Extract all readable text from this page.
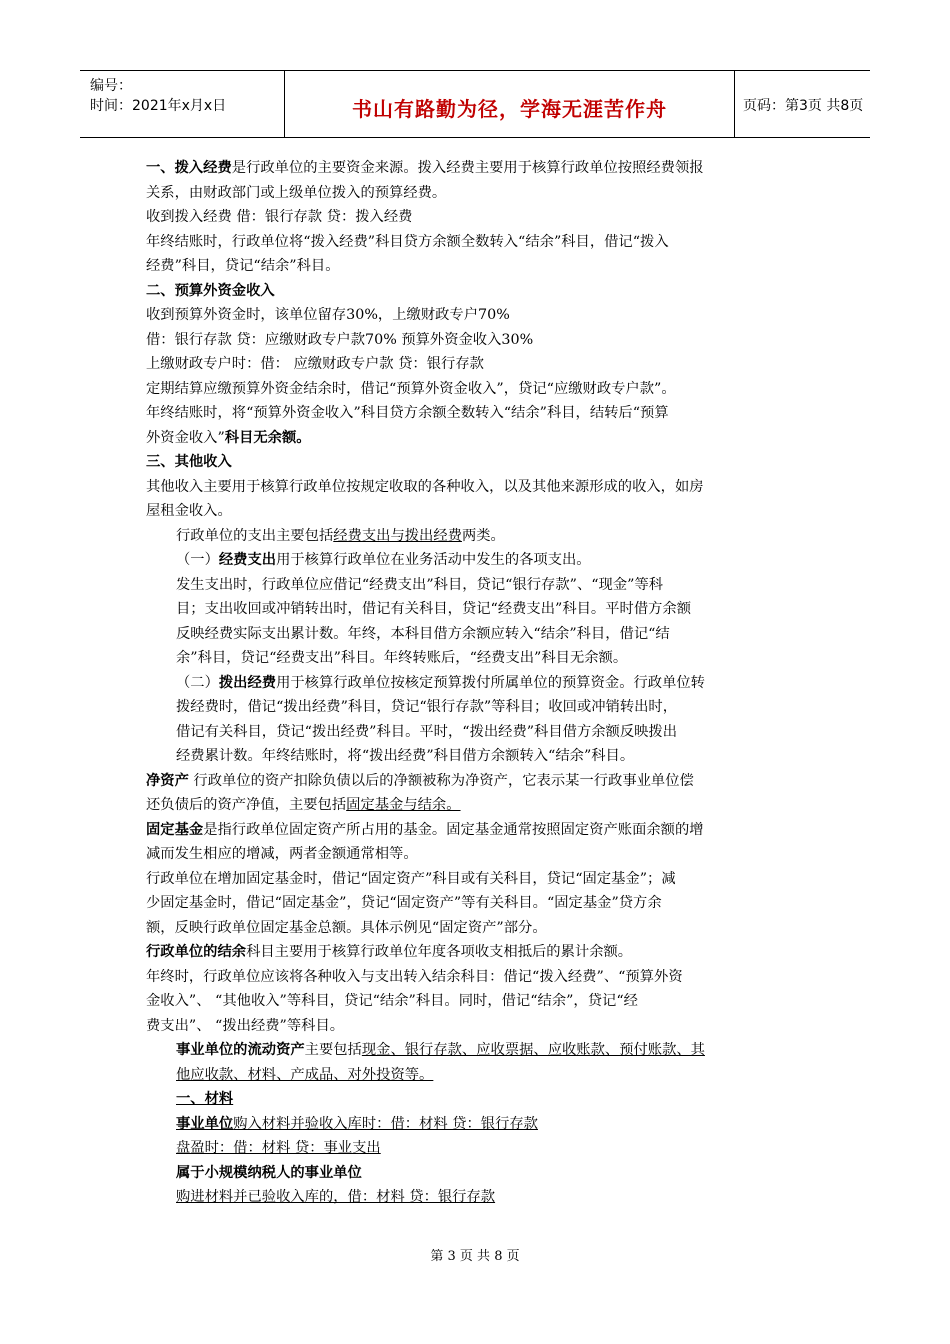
编号：
时间：2021年x月x日	书山有路勤为径，学海无涯苦作舟	页码：第3页 共8页
一、拨入经费是行政单位的主要资金来源。拨入经费主要用于核算行政单位按照经费领报
关系，由财政部门或上级单位拨入的预算经费。
收到拨入经费 借：银行存款 贷：拨入经费
年终结账时，行政单位将“拨入经费”科目贷方余额全数转入“结余”科目，借记“拨入
经费”科目，贷记“结余”科目。
二、预算外资金收入
收到预算外资金时，该单位留存30%，上缴财政专户70%
借：银行存款 贷：应缴财政专户款70% 预算外资金收入30%
上缴财政专户时：借： 应缴财政专户款 贷：银行存款
定期结算应缴预算外资金结余时，借记“预算外资金收入”，贷记“应缴财政专户款”。
年终结账时，将“预算外资金收入”科目贷方余额全数转入“结余”科目，结转后“预算
外资金收入”科目无余额。
三、其他收入
其他收入主要用于核算行政单位按规定收取的各种收入，以及其他来源形成的收入，如房
屋租金收入。
行政单位的支出主要包括经费支出与拨出经费两类。
（一）经费支出用于核算行政单位在业务活动中发生的各项支出。
发生支出时，行政单位应借记“经费支出”科目，贷记“银行存款”、“现金”等科
目；支出收回或冲销转出时，借记有关科目，贷记“经费支出”科目。平时借方余额
反映经费实际支出累计数。年终，本科目借方余额应转入“结余”科目，借记“结
余”科目，贷记“经费支出”科目。年终转账后，“经费支出”科目无余额。
（二）拨出经费用于核算行政单位按核定预算拨付所属单位的预算资金。行政单位转
拨经费时，借记“拨出经费”科目，贷记“银行存款”等科目；收回或冲销转出时，
借记有关科目，贷记“拨出经费”科目。平时，“拨出经费”科目借方余额反映拨出
经费累计数。年终结账时，将“拨出经费”科目借方余额转入“结余”科目。
净资产 行政单位的资产扣除负债以后的净额被称为净资产，它表示某一行政事业单位偿
还负债后的资产净值，主要包括固定基金与结余。
固定基金是指行政单位固定资产所占用的基金。固定基金通常按照固定资产账面余额的增
减而发生相应的增减，两者金额通常相等。
行政单位在增加固定基金时，借记“固定资产”科目或有关科目，贷记“固定基金”；减
少固定基金时，借记“固定基金”，贷记“固定资产”等有关科目。“固定基金”贷方余
额，反映行政单位固定基金总额。具体示例见“固定资产”部分。
行政单位的结余科目主要用于核算行政单位年度各项收支相抵后的累计余额。
年终时，行政单位应该将各种收入与支出转入结余科目：借记“拨入经费”、“预算外资
金收入”、 “其他收入”等科目，贷记“结余”科目。同时，借记“结余”，贷记“经
费支出”、 “拨出经费”等科目。
事业单位的流动资产主要包括现金、银行存款、应收票据、应收账款、预付账款、其
他应收款、材料、产成品、对外投资等。
一、材料
事业单位购入材料并验收入库时：借：材料 贷：银行存款
盘盈时：借：材料 贷：事业支出
属于小规模纳税人的事业单位
购进材料并已验收入库的，借：材料 贷：银行存款
第 3 页 共 8 页
